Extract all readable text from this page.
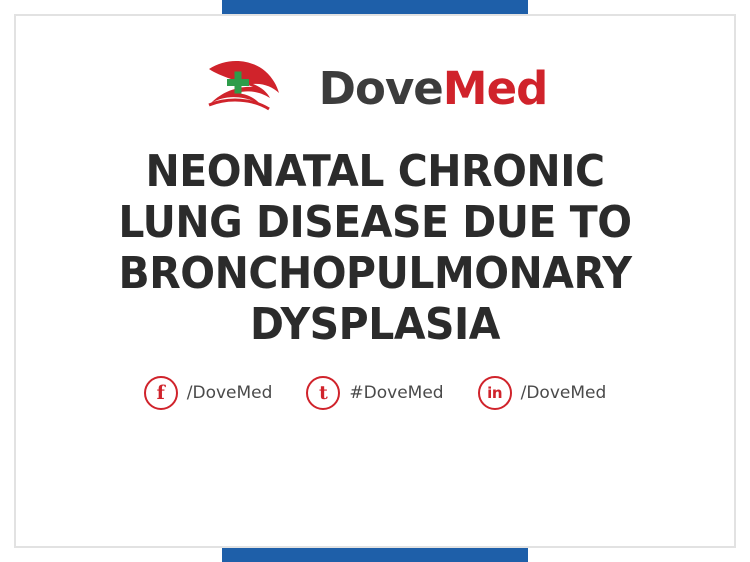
DoveMed
NEONATAL CHRONIC LUNG DISEASE DUE TO BRONCHOPULMONARY DYSPLASIA
f	/DoveMed	t	#DoveMed	in	/DoveMed
